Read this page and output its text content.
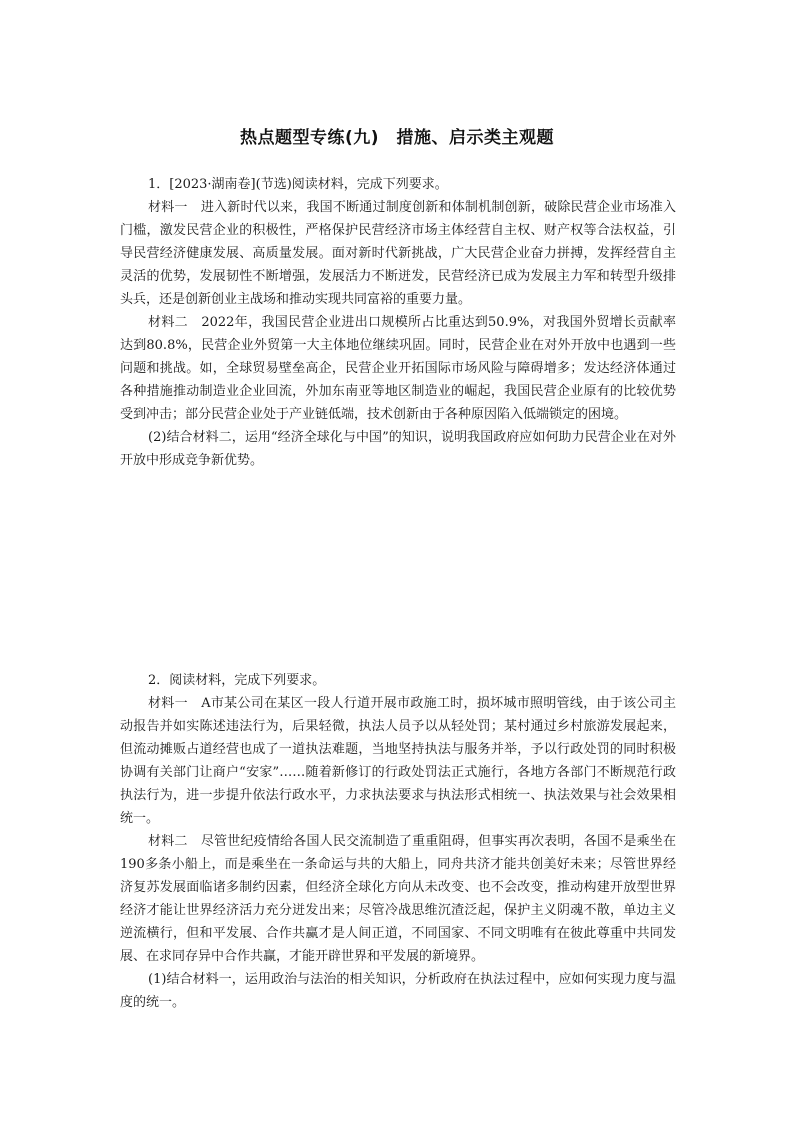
热点题型专练(九)　措施、启示类主观题

1．[2023·湖南卷](节选)阅读材料，完成下列要求。

材料一　进入新时代以来，我国不断通过制度创新和体制机制创新，破除民营企业市场准入门槛，激发民营企业的积极性，严格保护民营经济市场主体经营自主权、财产权等合法权益，引导民营经济健康发展、高质量发展。面对新时代新挑战，广大民营企业奋力拼搏，发挥经营自主灵活的优势，发展韧性不断增强，发展活力不断迸发，民营经济已成为发展主力军和转型升级排头兵，还是创新创业主战场和推动实现共同富裕的重要力量。

材料二　2022年，我国民营企业进出口规模所占比重达到50.9%，对我国外贸增长贡献率达到80.8%，民营企业外贸第一大主体地位继续巩固。同时，民营企业在对外开放中也遇到一些问题和挑战。如，全球贸易壁垒高企，民营企业开拓国际市场风险与障碍增多；发达经济体通过各种措施推动制造业企业回流，外加东南亚等地区制造业的崛起，我国民营企业原有的比较优势受到冲击；部分民营企业处于产业链低端，技术创新由于各种原因陷入低端锁定的困境。

(2)结合材料二，运用“经济全球化与中国”的知识，说明我国政府应如何助力民营企业在对外开放中形成竞争新优势。

2．阅读材料，完成下列要求。

材料一　A市某公司在某区一段人行道开展市政施工时，损坏城市照明管线，由于该公司主动报告并如实陈述违法行为，后果轻微，执法人员予以从轻处罚；某村通过乡村旅游发展起来，但流动摊贩占道经营也成了一道执法难题，当地坚持执法与服务并举，予以行政处罚的同时积极协调有关部门让商户“安家”……随着新修订的行政处罚法正式施行，各地方各部门不断规范行政执法行为，进一步提升依法行政水平，力求执法要求与执法形式相统一、执法效果与社会效果相统一。

材料二　尽管世纪疫情给各国人民交流制造了重重阻碍，但事实再次表明，各国不是乘坐在190多条小船上，而是乘坐在一条命运与共的大船上，同舟共济才能共创美好未来；尽管世界经济复苏发展面临诸多制约因素，但经济全球化方向从未改变、也不会改变，推动构建开放型世界经济才能让世界经济活力充分迸发出来；尽管冷战思维沉渣泛起，保护主义阴魂不散，单边主义逆流横行，但和平发展、合作共赢才是人间正道，不同国家、不同文明唯有在彼此尊重中共同发展、在求同存异中合作共赢，才能开辟世界和平发展的新境界。

(1)结合材料一，运用政治与法治的相关知识，分析政府在执法过程中，应如何实现力度与温度的统一。
